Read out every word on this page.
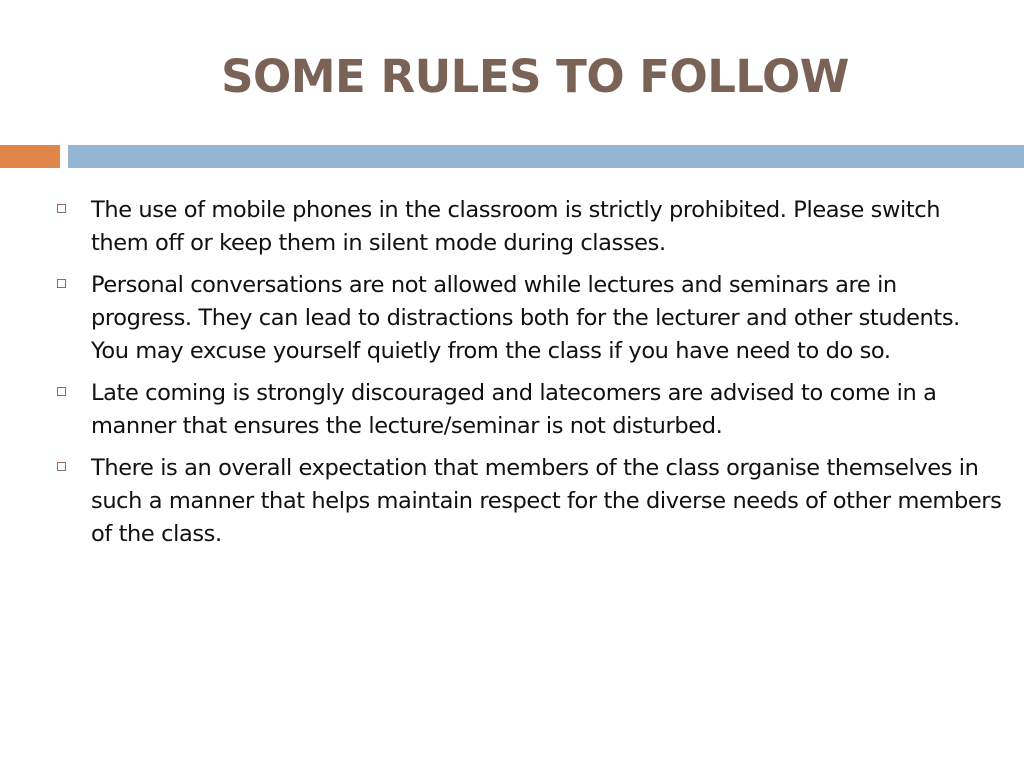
SOME RULES TO FOLLOW
The use of mobile phones in the classroom is strictly prohibited. Please switch them off or keep them in silent mode during classes.
Personal conversations are not allowed while lectures and seminars are in progress. They can lead to distractions both for the lecturer and other students. You may excuse yourself quietly from the class if you have need to do so.
Late coming is strongly discouraged and latecomers are advised to come in a manner that ensures the lecture/seminar is not disturbed.
There is an overall expectation that members of the class organise themselves in such a manner that helps maintain respect for the diverse needs of other members of the class.
